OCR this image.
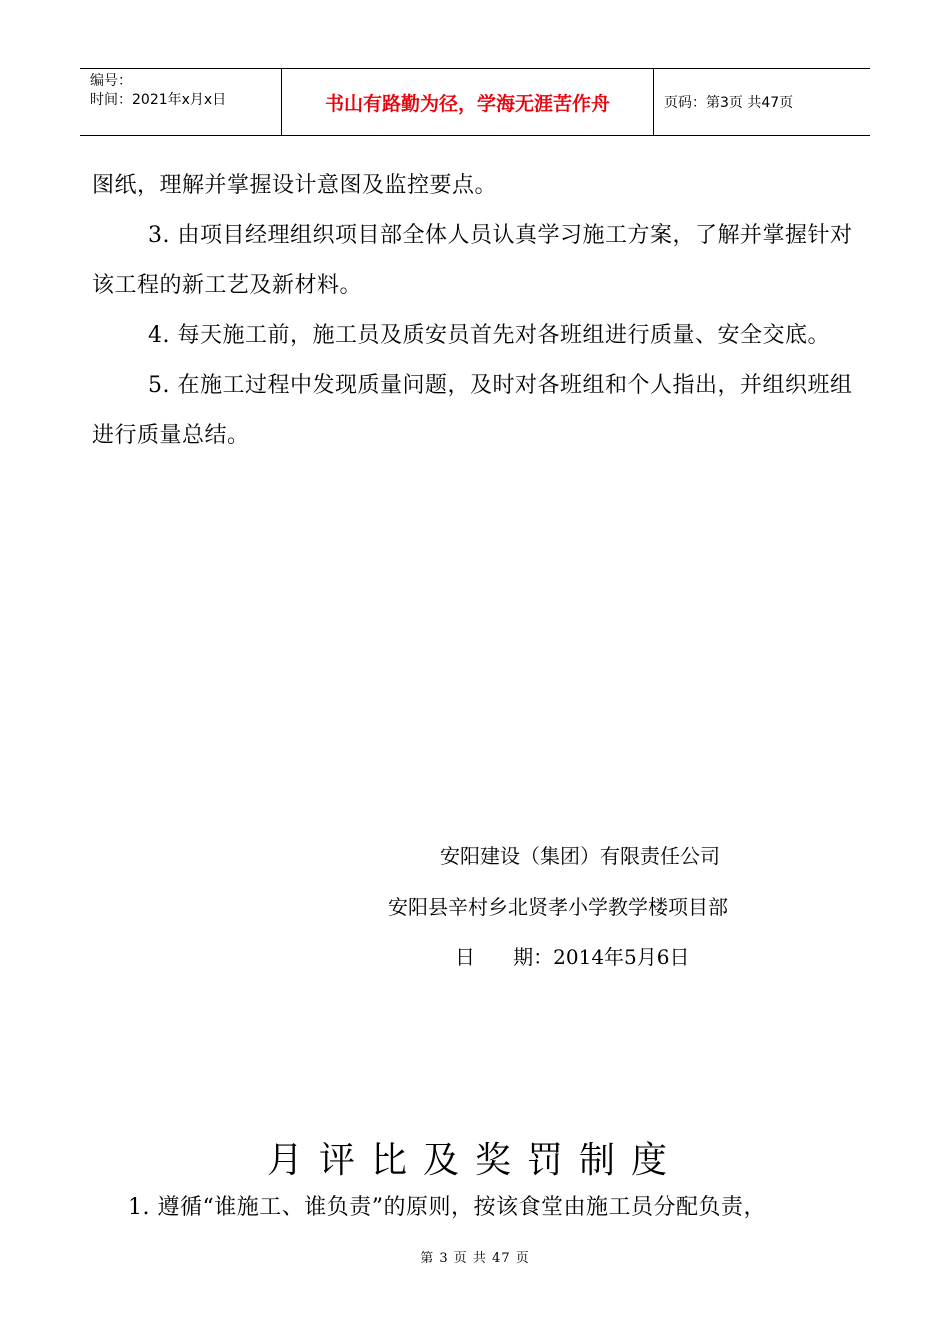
编号：
时间：2021年x月x日	书山有路勤为径，学海无涯苦作舟	页码：第3页 共47页

图纸，理解并掌握设计意图及监控要点。

3. 由项目经理组织项目部全体人员认真学习施工方案，了解并掌握针对该工程的新工艺及新材料。

4. 每天施工前，施工员及质安员首先对各班组进行质量、安全交底。

5. 在施工过程中发现质量问题，及时对各班组和个人指出，并组织班组进行质量总结。

安阳建设（集团）有限责任公司
安阳县辛村乡北贤孝小学教学楼项目部
日      期：2014年5月6日
月评比及奖罚制度
1. 遵循“谁施工、谁负责”的原则，按该食堂由施工员分配负责，
第 3 页 共 47 页
